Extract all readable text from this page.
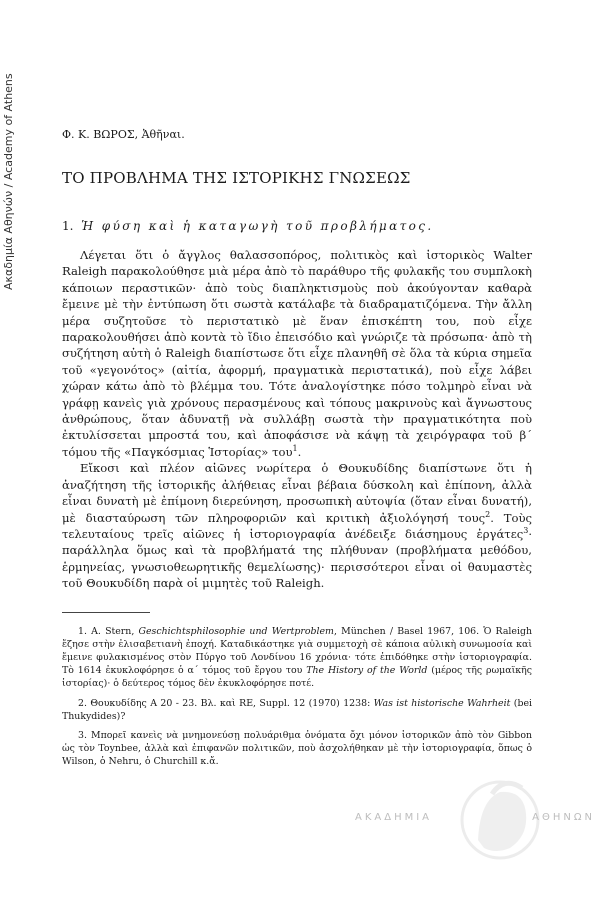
Ακαδημία Αθηνών / Academy of Athens	Φ. Κ. ΒΩΡΟΣ, Ἀθῆναι.
ΤΟ ΠΡΟΒΛΗΜΑ ΤΗΣ ΙΣΤΟΡΙΚΗΣ ΓΝΩΣΕΩΣ
1. Ἡ φύση καὶ ἡ καταγωγὴ τοῦ προβλήματος.

Λέγεται ὅτι ὁ ἄγγλος θαλασσοπόρος, πολιτικὸς καὶ ἱστορικὸς Walter Raleigh παρακολούθησε μιὰ μέρα ἀπὸ τὸ παράθυρο τῆς φυλακῆς του συμπλοκὴ κάποιων περαστικῶν· ἀπὸ τοὺς διαπληκτισμοὺς ποὺ ἀκούγονταν καθαρὰ ἔμεινε μὲ τὴν ἐντύπωση ὅτι σωστὰ κατάλαβε τὰ διαδραματιζόμενα. Τὴν ἄλλη μέρα συζητοῦσε τὸ περιστατικὸ μὲ ἕναν ἐπισκέπτη του, ποὺ εἶχε παρακολουθήσει ἀπὸ κοντὰ τὸ ἴδιο ἐπεισόδιο καὶ γνώριζε τὰ πρόσωπα· ἀπὸ τὴ συζήτηση αὐτὴ ὁ Raleigh διαπίστωσε ὅτι εἶχε πλανηθῆ σὲ ὅλα τὰ κύρια σημεῖα τοῦ «γεγονότος» (αἰτία, ἀφορμή, πραγματικὰ περιστατικά), ποὺ εἶχε λάβει χώραν κάτω ἀπὸ τὸ βλέμμα του. Τότε ἀναλογίστηκε πόσο τολμηρὸ εἶναι νὰ γράφῃ κανεὶς γιὰ χρόνους περασμένους καὶ τόπους μακρινοὺς καὶ ἄγνωστους ἀνθρώπους, ὅταν ἀδυνατῇ νὰ συλλάβῃ σωστὰ τὴν πραγματικότητα ποὺ ἐκτυλίσσεται μπροστά του, καὶ ἀποφάσισε νὰ κάψῃ τὰ χειρόγραφα τοῦ β΄ τόμου τῆς «Παγκόσμιας Ἱστορίας» του$^1$.

Εἴκοσι καὶ πλέον αἰῶνες νωρίτερα ὁ Θουκυδίδης διαπίστωνε ὅτι ἡ ἀναζήτηση τῆς ἱστορικῆς ἀλήθειας εἶναι βέβαια δύσκολη καὶ ἐπίπονη, ἀλλὰ εἶναι δυνατὴ μὲ ἐπίμονη διερεύνηση, προσωπικὴ αὐτοψία (ὅταν εἶναι δυνατή), μὲ διασταύρωση τῶν πληροφοριῶν καὶ κριτικὴ ἀξιολόγησή τους$^2$. Τοὺς τελευταίους τρεῖς αἰῶνες ἡ ἱστοριογραφία ἀνέδειξε διάσημους ἐργάτες$^3$· παράλληλα ὅμως καὶ τὰ προβλήματά της πλήθυναν (προβλήματα μεθόδου, ἑρμηνείας, γνωσιοθεωρητικῆς θεμελίωσης)· περισσότεροι εἶναι οἱ θαυμαστὲς τοῦ Θουκυδίδη παρὰ οἱ μιμητὲς τοῦ Raleigh.

1. A. Stern, Geschichtsphilosophie und Wertproblem, München / Basel 1967, 106. Ὁ Raleigh ἔζησε στὴν ἐλισαβετιανὴ ἐποχή. Καταδικάστηκε γιὰ συμμετοχὴ σὲ κάποια αὐλικὴ συνωμοσία καὶ ἔμεινε φυλακισμένος στὸν Πύργο τοῦ Λονδίνου 16 χρόνια· τότε ἐπιδόθηκε στὴν ἱστοριογραφία. Τὸ 1614 ἐκυκλοφόρησε ὁ α΄ τόμος τοῦ ἔργου του The History of the World (μέρος τῆς ρωμαϊκῆς ἱστορίας)· ὁ δεύτερος τόμος δὲν ἐκυκλοφόρησε ποτέ.

2. Θουκυδίδης Α 20 - 23. Βλ. καὶ RE, Suppl. 12 (1970) 1238: Was ist historische Wahrheit (bei Thukydides)?

3. Μπορεῖ κανεὶς νὰ μνημονεύσῃ πολυάριθμα ὀνόματα ὄχι μόνον ἱστορικῶν ἀπὸ τὸν Gibbon ὡς τὸν Toynbee, ἀλλὰ καὶ ἐπιφανῶν πολιτικῶν, ποὺ ἀσχολήθηκαν μὲ τὴν ἱστοριογραφία, ὅπως ὁ Wilson, ὁ Nehru, ὁ Churchill κ.ἄ.

ΑΚΑΔΗΜΙΑ	ΑΘΗΝΩΝ
